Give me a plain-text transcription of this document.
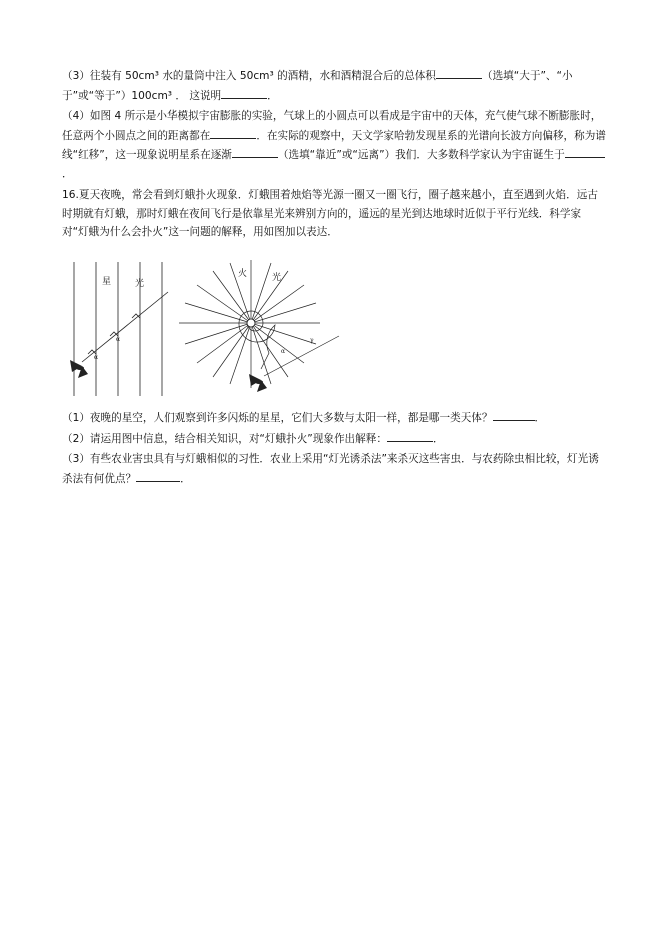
（3）往装有 50cm³ 水的量筒中注入 50cm³ 的酒精，水和酒精混合后的总体积	（选填“大于”、“小于”或“等于”）100cm³ ． 这说明	．

（4）如图 4 所示是小华模拟宇宙膨胀的实验，气球上的小圆点可以看成是宇宙中的天体，充气使气球不断膨胀时，任意两个小圆点之间的距离都在	．在实际的观察中，天文学家哈勃发现星系的光谱向长波方向偏移，称为谱线“红移”，这一现象说明星系在逐渐	（选填“靠近”或“远离”）我们．大多数科学家认为宇宙诞生于．

16.夏天夜晚，常会看到灯蛾扑火现象．灯蛾围着烛焰等光源一圈又一圈飞行，圈子越来越小，直至遇到火焰．远古时期就有灯蛾，那时灯蛾在夜间飞行是依靠星光来辨别方向的，遥远的星光到达地球时近似于平行光线．科学家对“灯蛾为什么会扑火”这一问题的解释，用如图加以表达．

星	光
α
α
火	光
α
γ

（1）夜晚的星空，人们观察到许多闪烁的星星，它们大多数与太阳一样，都是哪一类天体？	．

（2）请运用图中信息，结合相关知识，对“灯蛾扑火”现象作出解释：	．

（3）有些农业害虫具有与灯蛾相似的习性．农业上采用“灯光诱杀法”来杀灭这些害虫．与农药除虫相比较，灯光诱杀法有何优点？	．
